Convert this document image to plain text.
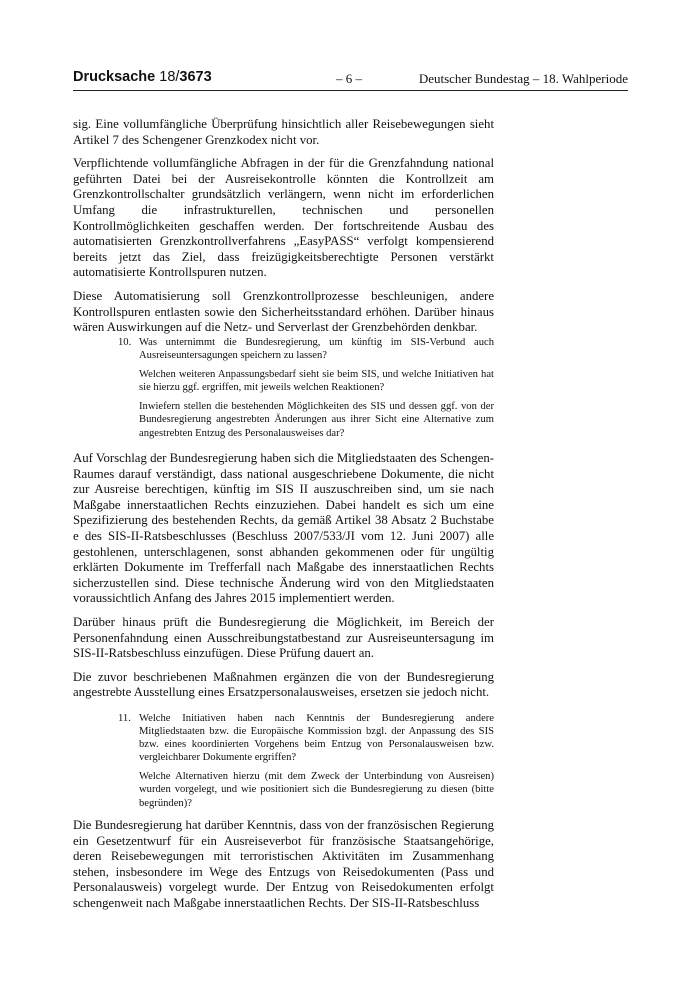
Drucksache 18/3673	– 6 –	Deutscher Bundestag – 18. Wahlperiode

sig. Eine vollumfängliche Überprüfung hinsichtlich aller Reisebewegungen sieht Artikel 7 des Schengener Grenzkodex nicht vor.

Verpflichtende vollumfängliche Abfragen in der für die Grenzfahndung national geführten Datei bei der Ausreisekontrolle könnten die Kontrollzeit am Grenzkontrollschalter grundsätzlich verlängern, wenn nicht im erforderlichen Umfang die infrastrukturellen, technischen und personellen Kontrollmöglichkeiten geschaffen werden. Der fortschreitende Ausbau des automatisierten Grenzkontrollverfahrens „EasyPASS“ verfolgt kompensierend bereits jetzt das Ziel, dass freizügigkeitsberechtigte Personen verstärkt automatisierte Kontrollspuren nutzen.

Diese Automatisierung soll Grenzkontrollprozesse beschleunigen, andere Kontrollspuren entlasten sowie den Sicherheitsstandard erhöhen. Darüber hinaus wären Auswirkungen auf die Netz- und Serverlast der Grenzbehörden denkbar.

10. Was unternimmt die Bundesregierung, um künftig im SIS-Verbund auch Ausreiseuntersagungen speichern zu lassen?
Welchen weiteren Anpassungsbedarf sieht sie beim SIS, und welche Initiativen hat sie hierzu ggf. ergriffen, mit jeweils welchen Reaktionen?
Inwiefern stellen die bestehenden Möglichkeiten des SIS und dessen ggf. von der Bundesregierung angestrebten Änderungen aus ihrer Sicht eine Alternative zum angestrebten Entzug des Personalausweises dar?

Auf Vorschlag der Bundesregierung haben sich die Mitgliedstaaten des Schengen-Raumes darauf verständigt, dass national ausgeschriebene Dokumente, die nicht zur Ausreise berechtigen, künftig im SIS II auszuschreiben sind, um sie nach Maßgabe innerstaatlichen Rechts einzuziehen. Dabei handelt es sich um eine Spezifizierung des bestehenden Rechts, da gemäß Artikel 38 Absatz 2 Buchstabe e des SIS-II-Ratsbeschlusses (Beschluss 2007/533/JI vom 12. Juni 2007) alle gestohlenen, unterschlagenen, sonst abhanden gekommenen oder für ungültig erklärten Dokumente im Trefferfall nach Maßgabe des innerstaatlichen Rechts sicherzustellen sind. Diese technische Änderung wird von den Mitgliedstaaten voraussichtlich Anfang des Jahres 2015 implementiert werden.

Darüber hinaus prüft die Bundesregierung die Möglichkeit, im Bereich der Personenfahndung einen Ausschreibungstatbestand zur Ausreiseuntersagung im SIS-II-Ratsbeschluss einzufügen. Diese Prüfung dauert an.

Die zuvor beschriebenen Maßnahmen ergänzen die von der Bundesregierung angestrebte Ausstellung eines Ersatzpersonalausweises, ersetzen sie jedoch nicht.

11. Welche Initiativen haben nach Kenntnis der Bundesregierung andere Mitgliedstaaten bzw. die Europäische Kommission bzgl. der Anpassung des SIS bzw. eines koordinierten Vorgehens beim Entzug von Personalausweisen bzw. vergleichbarer Dokumente ergriffen?
Welche Alternativen hierzu (mit dem Zweck der Unterbindung von Ausreisen) wurden vorgelegt, und wie positioniert sich die Bundesregierung zu diesen (bitte begründen)?

Die Bundesregierung hat darüber Kenntnis, dass von der französischen Regierung ein Gesetzentwurf für ein Ausreiseverbot für französische Staatsangehörige, deren Reisebewegungen mit terroristischen Aktivitäten im Zusammenhang stehen, insbesondere im Wege des Entzugs von Reisedokumenten (Pass und Personalausweis) vorgelegt wurde. Der Entzug von Reisedokumenten erfolgt schengenweit nach Maßgabe innerstaatlichen Rechts. Der SIS-II-Ratsbeschluss
